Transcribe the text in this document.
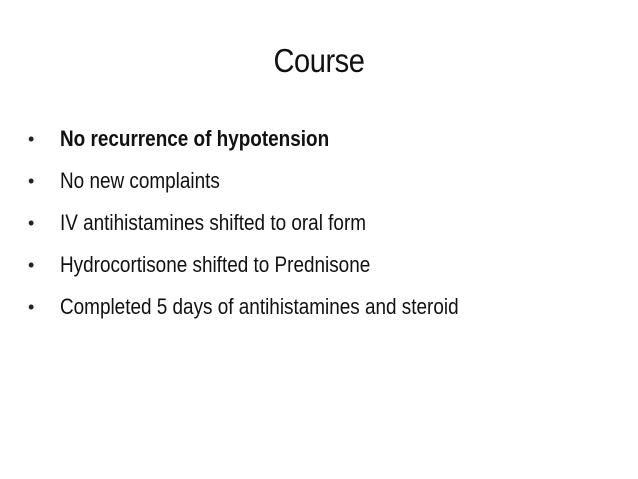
Course
•	No recurrence of hypotension
•	No new complaints
•	IV antihistamines shifted to oral form
•	Hydrocortisone shifted to Prednisone
•	Completed 5 days of antihistamines and steroid
